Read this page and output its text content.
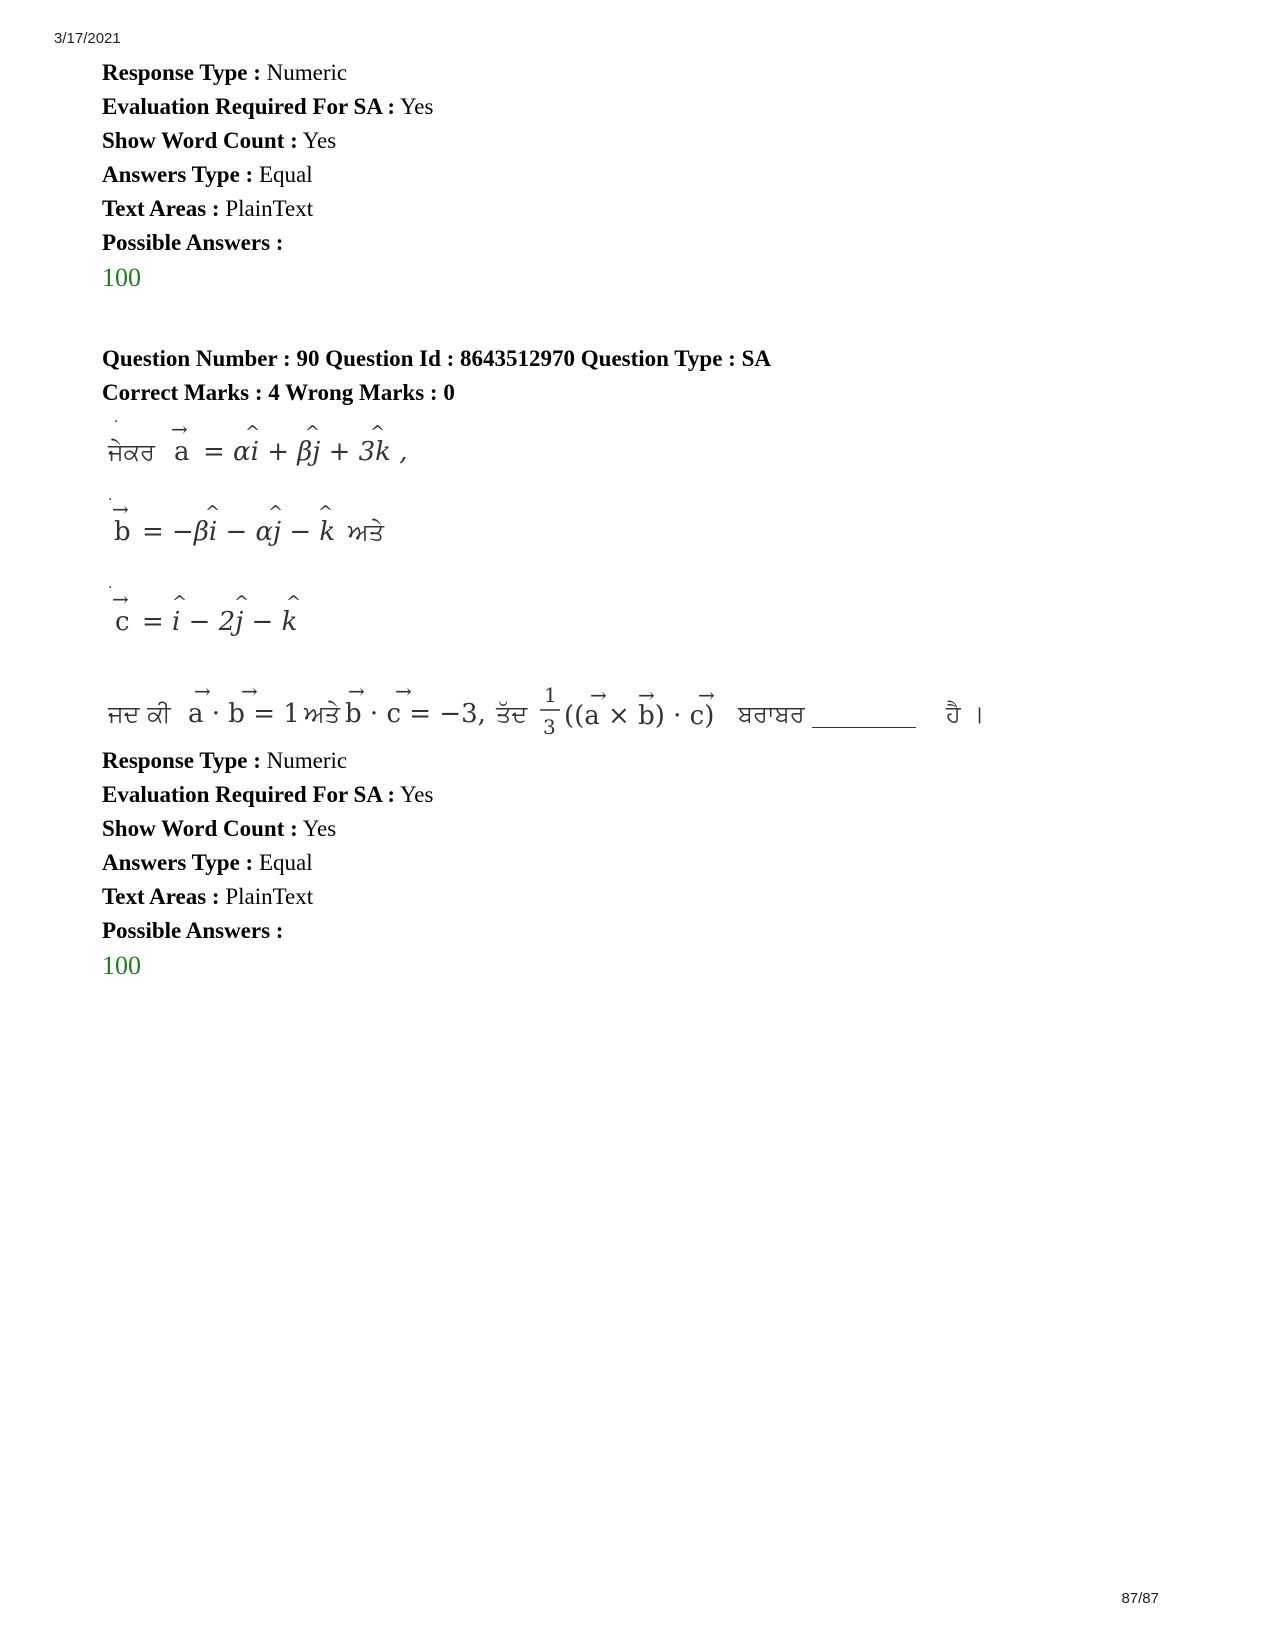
3/17/2021
Response Type : Numeric
Evaluation Required For SA : Yes
Show Word Count : Yes
Answers Type : Equal
Text Areas : PlainText
Possible Answers :
100
Question Number : 90 Question Id : 8643512970 Question Type : SA
Correct Marks : 4 Wrong Marks : 0
ਜੇਕਰ
·	→
a = αi + βj + 3k ,
^ ^	^
· →
b = −βi − αj − k
^	^ ^
ਅਤੇ
· →
c = i − 2j − k
^	^ ^
ਜਦ ਕੀ
→
a · b = 1
→
ਅਤੇ
→
b · c = −3,
→
ਤੱਦ
1
3 ((a × b) · c)
→ → →
ਬਰਾਬਰ ________ ਹੈ ।
Response Type : Numeric
Evaluation Required For SA : Yes
Show Word Count : Yes
Answers Type : Equal
Text Areas : PlainText
Possible Answers :
100
87/87
